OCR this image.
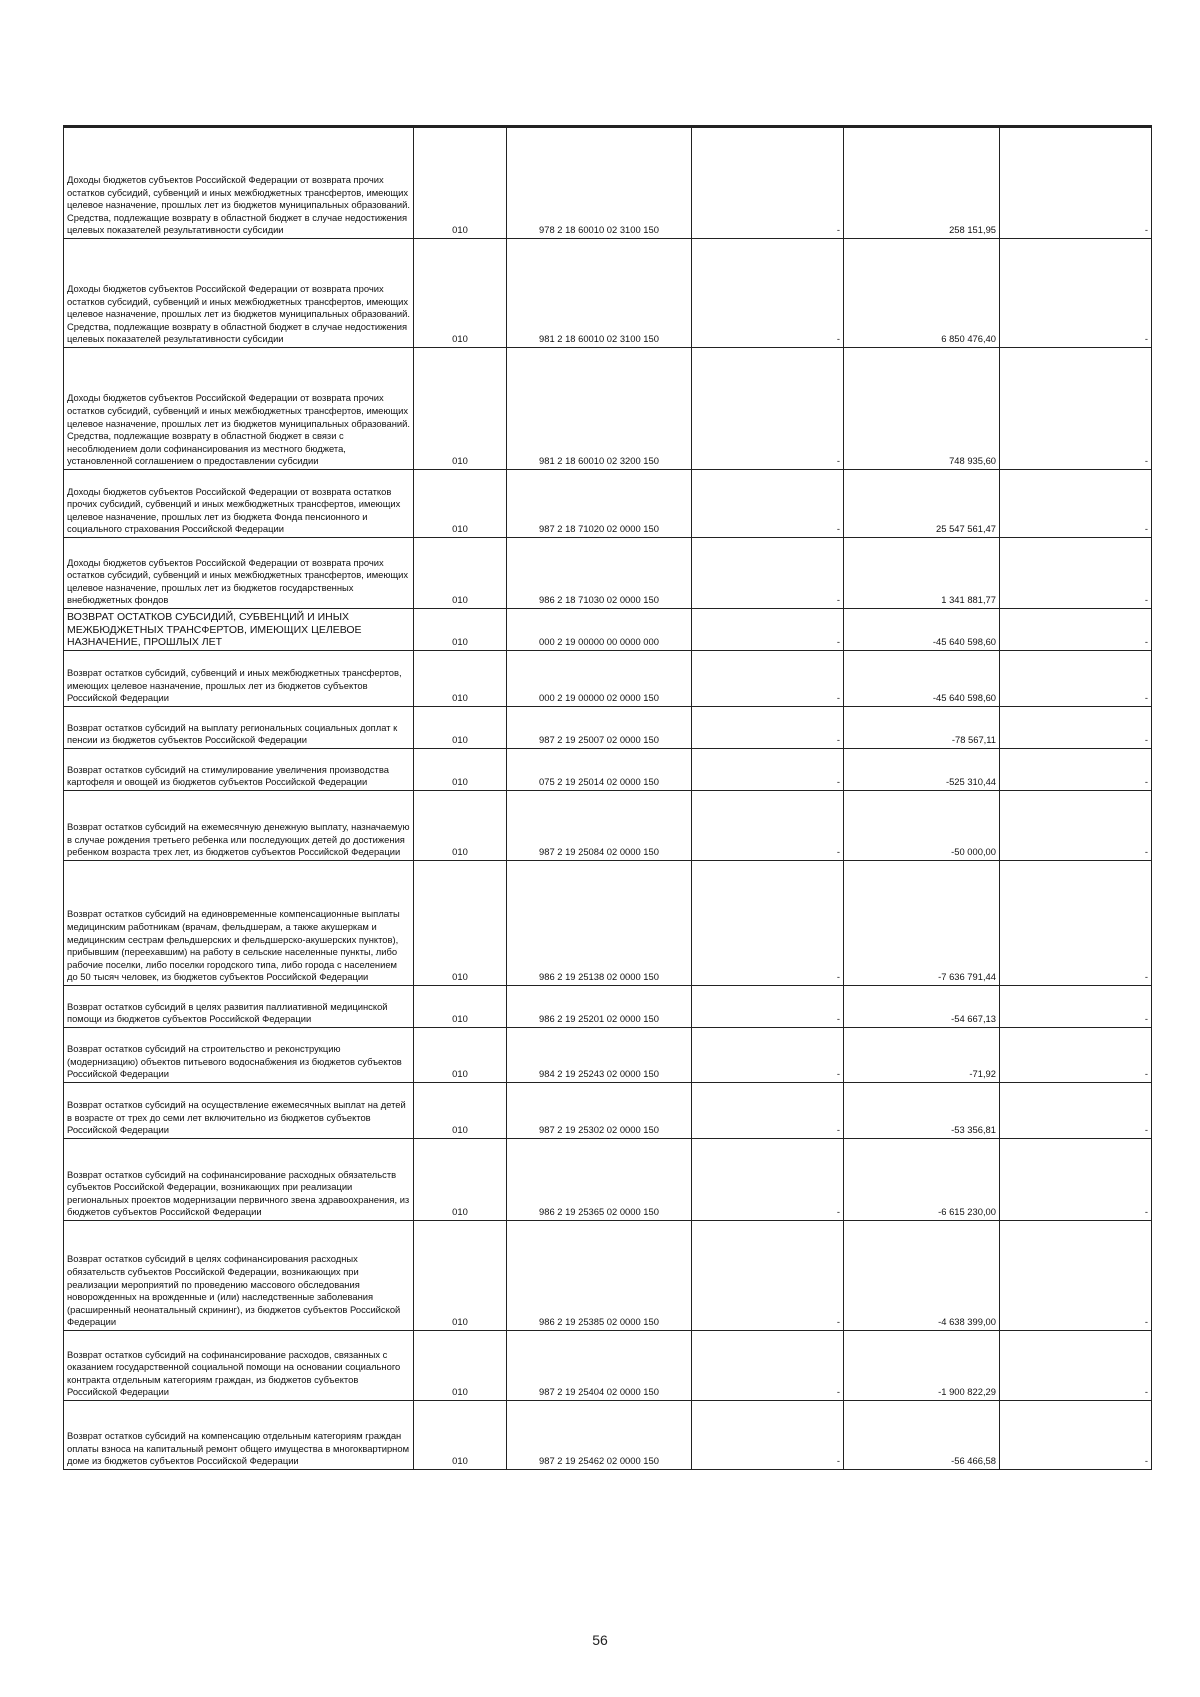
Доходы бюджетов субъектов Российской Федерации от возврата прочих остатков субсидий, субвенций и иных межбюджетных трансфертов, имеющих целевое назначение, прошлых лет из бюджетов муниципальных образований. Средства, подлежащие возврату в областной бюджет в случае недостижения целевых показателей результативности субсидии	010	978 2 18 60010 02 3100 150	-	258 151,95	-
Доходы бюджетов субъектов Российской Федерации от возврата прочих остатков субсидий, субвенций и иных межбюджетных трансфертов, имеющих целевое назначение, прошлых лет из бюджетов муниципальных образований. Средства, подлежащие возврату в областной бюджет в случае недостижения целевых показателей результативности субсидии	010	981 2 18 60010 02 3100 150	-	6 850 476,40	-
Доходы бюджетов субъектов Российской Федерации от возврата прочих остатков субсидий, субвенций и иных межбюджетных трансфертов, имеющих целевое назначение, прошлых лет из бюджетов муниципальных образований. Средства, подлежащие возврату в областной бюджет в связи с несоблюдением доли софинансирования из местного бюджета, установленной соглашением о предоставлении субсидии	010	981 2 18 60010 02 3200 150	-	748 935,60	-
Доходы бюджетов субъектов Российской Федерации от возврата остатков прочих субсидий, субвенций и иных межбюджетных трансфертов, имеющих целевое назначение, прошлых лет из бюджета Фонда пенсионного и социального страхования Российской Федерации	010	987 2 18 71020 02 0000 150	-	25 547 561,47	-
Доходы бюджетов субъектов Российской Федерации от возврата прочих остатков субсидий, субвенций и иных межбюджетных трансфертов, имеющих целевое назначение, прошлых лет из бюджетов государственных внебюджетных фондов	010	986 2 18 71030 02 0000 150	-	1 341 881,77	-
ВОЗВРАТ ОСТАТКОВ СУБСИДИЙ, СУБВЕНЦИЙ И ИНЫХ МЕЖБЮДЖЕТНЫХ ТРАНСФЕРТОВ, ИМЕЮЩИХ ЦЕЛЕВОЕ НАЗНАЧЕНИЕ, ПРОШЛЫХ ЛЕТ	010	000 2 19 00000 00 0000 000	-	-45 640 598,60	-
Возврат остатков субсидий, субвенций и иных межбюджетных трансфертов, имеющих целевое назначение, прошлых лет из бюджетов субъектов Российской Федерации	010	000 2 19 00000 02 0000 150	-	-45 640 598,60	-
Возврат остатков субсидий на выплату региональных социальных доплат к пенсии из бюджетов субъектов Российской Федерации	010	987 2 19 25007 02 0000 150	-	-78 567,11	-
Возврат остатков субсидий на стимулирование увеличения производства картофеля и овощей из бюджетов субъектов Российской Федерации	010	075 2 19 25014 02 0000 150	-	-525 310,44	-
Возврат остатков субсидий на ежемесячную денежную выплату, назначаемую в случае рождения третьего ребенка или последующих детей до достижения ребенком возраста трех лет, из бюджетов субъектов Российской Федерации	010	987 2 19 25084 02 0000 150	-	-50 000,00	-
Возврат остатков субсидий на единовременные компенсационные выплаты медицинским работникам (врачам, фельдшерам, а также акушеркам и медицинским сестрам фельдшерских и фельдшерско-акушерских пунктов), прибывшим (переехавшим) на работу в сельские населенные пункты, либо рабочие поселки, либо поселки городского типа, либо города с населением до 50 тысяч человек, из бюджетов субъектов Российской Федерации	010	986 2 19 25138 02 0000 150	-	-7 636 791,44	-
Возврат остатков субсидий в целях развития паллиативной медицинской помощи из бюджетов субъектов Российской Федерации	010	986 2 19 25201 02 0000 150	-	-54 667,13	-
Возврат остатков субсидий на строительство и реконструкцию (модернизацию) объектов питьевого водоснабжения из бюджетов субъектов Российской Федерации	010	984 2 19 25243 02 0000 150	-	-71,92	-
Возврат остатков субсидий на осуществление ежемесячных выплат на детей в возрасте от трех до семи лет включительно из бюджетов субъектов Российской Федерации	010	987 2 19 25302 02 0000 150	-	-53 356,81	-
Возврат остатков субсидий на софинансирование расходных обязательств субъектов Российской Федерации, возникающих при реализации региональных проектов модернизации первичного звена здравоохранения, из бюджетов субъектов Российской Федерации	010	986 2 19 25365 02 0000 150	-	-6 615 230,00	-
Возврат остатков субсидий в целях софинансирования расходных обязательств субъектов Российской Федерации, возникающих при реализации мероприятий по проведению массового обследования новорожденных на врожденные и (или) наследственные заболевания (расширенный неонатальный скрининг), из бюджетов субъектов Российской Федерации	010	986 2 19 25385 02 0000 150	-	-4 638 399,00	-
Возврат остатков субсидий на софинансирование расходов, связанных с оказанием государственной социальной помощи на основании социального контракта отдельным категориям граждан, из бюджетов субъектов Российской Федерации	010	987 2 19 25404 02 0000 150	-	-1 900 822,29	-
Возврат остатков субсидий на компенсацию отдельным категориям граждан оплаты взноса на капитальный ремонт общего имущества в многоквартирном доме из бюджетов субъектов Российской Федерации	010	987 2 19 25462 02 0000 150	-	-56 466,58	-
56
